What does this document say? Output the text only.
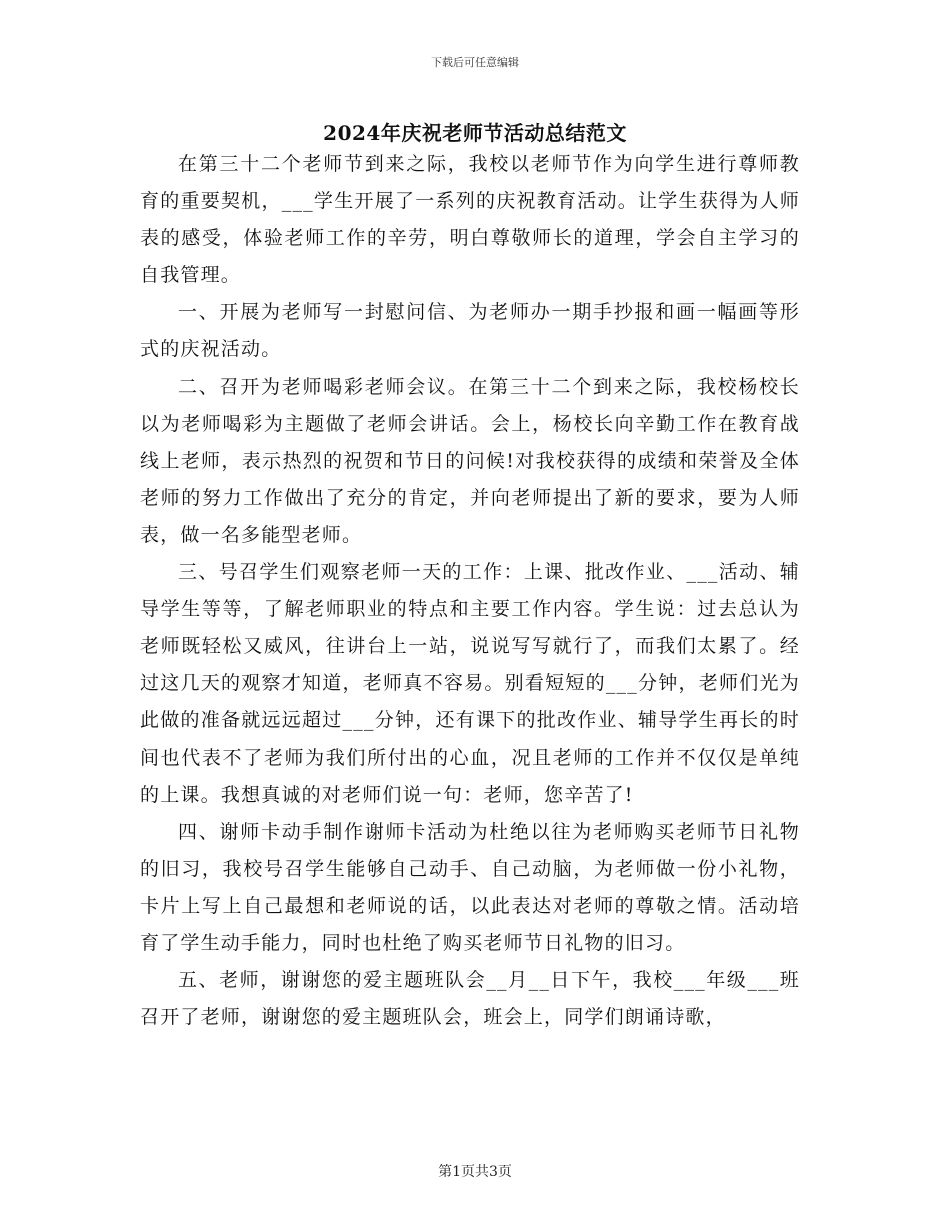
下载后可任意编辑
2024年庆祝老师节活动总结范文

在第三十二个老师节到来之际，我校以老师节作为向学生进行尊师教育的重要契机，___学生开展了一系列的庆祝教育活动。让学生获得为人师表的感受，体验老师工作的辛劳，明白尊敬师长的道理，学会自主学习的自我管理。

一、开展为老师写一封慰问信、为老师办一期手抄报和画一幅画等形式的庆祝活动。

二、召开为老师喝彩老师会议。在第三十二个到来之际，我校杨校长以为老师喝彩为主题做了老师会讲话。会上，杨校长向辛勤工作在教育战线上老师，表示热烈的祝贺和节日的问候!对我校获得的成绩和荣誉及全体老师的努力工作做出了充分的肯定，并向老师提出了新的要求，要为人师表，做一名多能型老师。

三、号召学生们观察老师一天的工作：上课、批改作业、___活动、辅导学生等等，了解老师职业的特点和主要工作内容。学生说：过去总认为老师既轻松又威风，往讲台上一站，说说写写就行了，而我们太累了。经过这几天的观察才知道，老师真不容易。别看短短的___分钟，老师们光为此做的准备就远远超过___分钟，还有课下的批改作业、辅导学生再长的时间也代表不了老师为我们所付出的心血，况且老师的工作并不仅仅是单纯的上课。我想真诚的对老师们说一句：老师，您辛苦了!

四、谢师卡动手制作谢师卡活动为杜绝以往为老师购买老师节日礼物的旧习，我校号召学生能够自己动手、自己动脑，为老师做一份小礼物，卡片上写上自己最想和老师说的话，以此表达对老师的尊敬之情。活动培育了学生动手能力，同时也杜绝了购买老师节日礼物的旧习。

五、老师，谢谢您的爱主题班队会__月__日下午，我校___年级___班召开了老师，谢谢您的爱主题班队会，班会上，同学们朗诵诗歌，

第1页共3页
